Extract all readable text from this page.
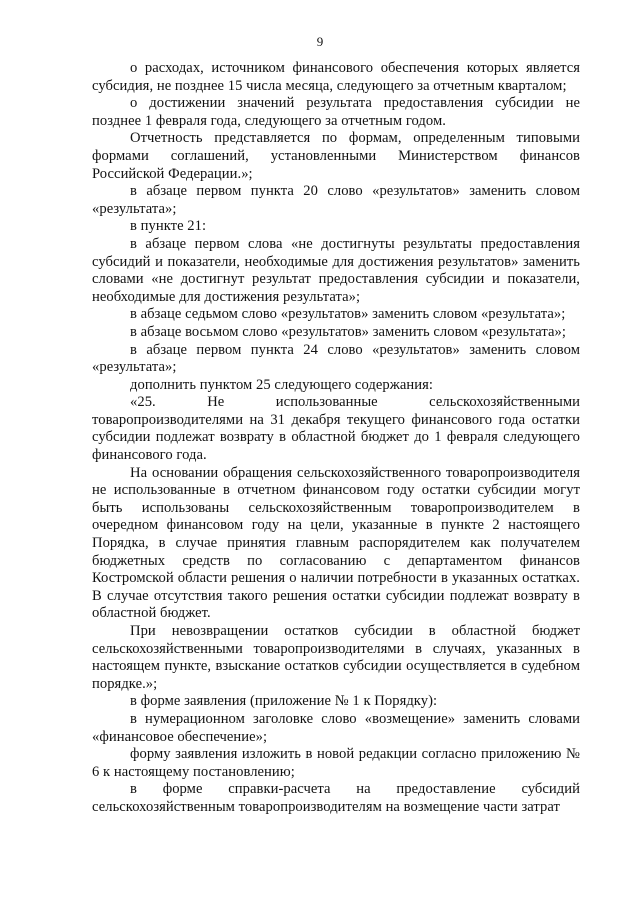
9

о расходах, источником финансового обеспечения которых является субсидия, не позднее 15 числа месяца, следующего за отчетным кварталом;

о достижении значений результата предоставления субсидии не позднее 1 февраля года, следующего за отчетным годом.

Отчетность представляется по формам, определенным типовыми формами соглашений, установленными Министерством финансов Российской Федерации.»;

в абзаце первом пункта 20 слово «результатов» заменить словом «результата»;

в пункте 21:

в абзаце первом слова «не достигнуты результаты предоставления субсидий и показатели, необходимые для достижения результатов» заменить словами «не достигнут результат предоставления субсидии и показатели, необходимые для достижения результата»;

в абзаце седьмом слово «результатов» заменить словом «результата»;

в абзаце восьмом слово «результатов» заменить словом «результата»;

в абзаце первом пункта 24 слово «результатов» заменить словом «результата»;

дополнить пунктом 25 следующего содержания:

«25. Не использованные сельскохозяйственными товаропроизводителями на 31 декабря текущего финансового года остатки субсидии подлежат возврату в областной бюджет до 1 февраля следующего финансового года.

На основании обращения сельскохозяйственного товаропроизводителя не использованные в отчетном финансовом году остатки субсидии могут быть использованы сельскохозяйственным товаропроизводителем в очередном финансовом году на цели, указанные в пункте 2 настоящего Порядка, в случае принятия главным распорядителем как получателем бюджетных средств по согласованию с департаментом финансов Костромской области решения о наличии потребности в указанных остатках. В случае отсутствия такого решения остатки субсидии подлежат возврату в областной бюджет.

При невозвращении остатков субсидии в областной бюджет сельскохозяйственными товаропроизводителями в случаях, указанных в настоящем пункте, взыскание остатков субсидии осуществляется в судебном порядке.»;

в форме заявления (приложение № 1 к Порядку):

в нумерационном заголовке слово «возмещение» заменить словами «финансовое обеспечение»;

форму заявления изложить в новой редакции согласно приложению № 6 к настоящему постановлению;

в форме справки-расчета на предоставление субсидий сельскохозяйственным товаропроизводителям на возмещение части затрат
